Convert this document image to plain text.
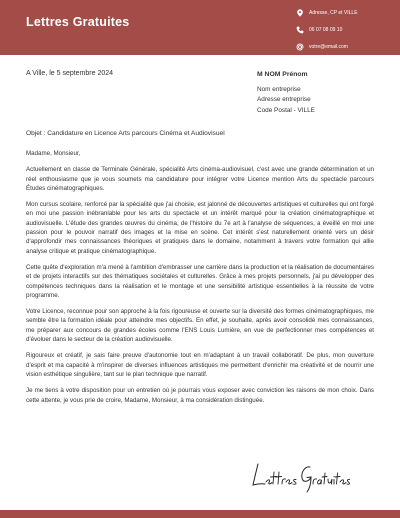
Lettres Gratuites
Adresse, CP et VILLE
06 07 08 09 10
votre@email.com
A Ville, le 5 septembre 2024	M NOM Prénom
Nom entreprise
Adresse entreprise
Code Postal - VILLE
Objet : Candidature en Licence Arts parcours Cinéma et Audiovisuel

Madame, Monsieur,

Actuellement en classe de Terminale Générale, spécialité Arts cinéma-audiovisuel, c'est avec une grande détermination et un réel enthousiasme que je vous soumets ma candidature pour intégrer votre Licence mention Arts du spectacle parcours Études cinématographiques.

Mon cursus scolaire, renforcé par la spécialité que j'ai choisie, est jalonné de découvertes artistiques et culturelles qui ont forgé en moi une passion inébranlable pour les arts du spectacle et un intérêt marqué pour la création cinématographique et audiovisuelle. L'étude des grandes œuvres du cinéma, de l'histoire du 7e art à l'analyse de séquences, a éveillé en moi une passion pour le pouvoir narratif des images et la mise en scène. Cet intérêt s'est naturellement orienté vers un désir d'approfondir mes connaissances théoriques et pratiques dans le domaine, notamment à travers votre formation qui allie analyse critique et pratique cinématographique.

Cette quête d'exploration m'a mené à l'ambition d'embrasser une carrière dans la production et la réalisation de documentaires et de projets interactifs sur des thématiques sociétales et culturelles. Grâce à mes projets personnels, j'ai pu développer des compétences techniques dans la réalisation et le montage et une sensibilité artistique essentielles à la réussite de votre programme.

Votre Licence, reconnue pour son approche à la fois rigoureuse et ouverte sur la diversité des formes cinématographiques, me semble être la formation idéale pour atteindre mes objectifs. En effet, je souhaite, après avoir consolidé mes connaissances, me préparer aux concours de grandes écoles comme l'ENS Louis Lumière, en vue de perfectionner mes compétences et d'évoluer dans le secteur de la création audiovisuelle.

Rigoureux et créatif, je sais faire preuve d'autonomie tout en m'adaptant à un travail collaboratif. De plus, mon ouverture d'esprit et ma capacité à m'inspirer de diverses influences artistiques me permettent d'enrichir ma créativité et de nourrir une vision esthétique singulière, tant sur le plan technique que narratif.

Je me tiens à votre disposition pour un entretien où je pourrais vous exposer avec conviction les raisons de mon choix. Dans cette attente, je vous prie de croire, Madame, Monsieur, à ma considération distinguée.
